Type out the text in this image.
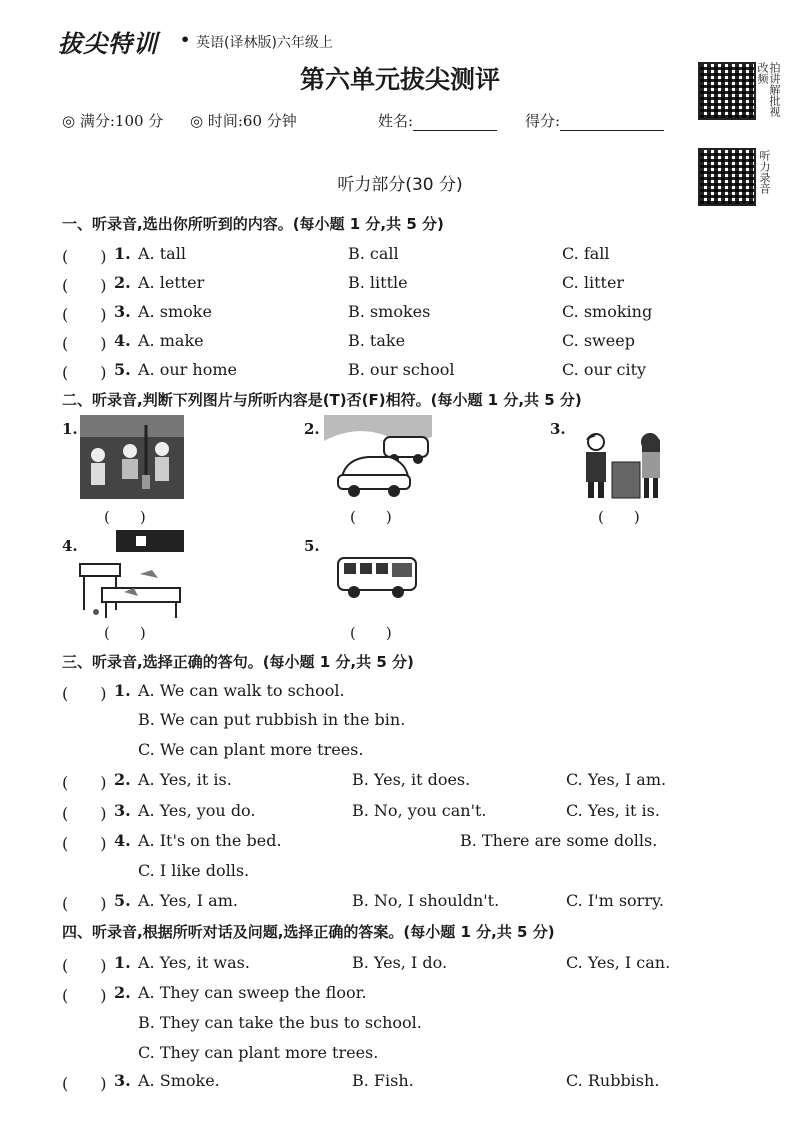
拔尖特训 • 英语(译林版)六年级上
第六单元拔尖测评
◎ 满分:100 分 ◎ 时间:60 分钟	姓名:	得分:
拍讲解批视改频
听力录音
听力部分(30 分)
一、听录音,选出你所听到的内容。(每小题 1 分,共 5 分)
(　　) 1. A. tall	B. call	C. fall
(　　) 2. A. letter	B. little	C. litter
(　　) 3. A. smoke	B. smokes	C. smoking
(　　) 4. A. make	B. take	C. sweep
(　　) 5. A. our home	B. our school	C. our city
二、听录音,判断下列图片与所听内容是(T)否(F)相符。(每小题 1 分,共 5 分)
1.
(　　)
2.
(　　)
3.
(　　)
4.
(　　)
5.
(　　)
三、听录音,选择正确的答句。(每小题 1 分,共 5 分)
(　　) 1. A. We can walk to school.
B. We can put rubbish in the bin.
C. We can plant more trees.
(　　) 2. A. Yes, it is.	B. Yes, it does.	C. Yes, I am.
(　　) 3. A. Yes, you do.	B. No, you can't.	C. Yes, it is.
(　　) 4. A. It's on the bed.	B. There are some dolls.
C. I like dolls.
(　　) 5. A. Yes, I am.	B. No, I shouldn't.	C. I'm sorry.
四、听录音,根据所听对话及问题,选择正确的答案。(每小题 1 分,共 5 分)
(　　) 1. A. Yes, it was.	B. Yes, I do.	C. Yes, I can.
(　　) 2. A. They can sweep the floor.
B. They can take the bus to school.
C. They can plant more trees.
(　　) 3. A. Smoke.	B. Fish.	C. Rubbish.
